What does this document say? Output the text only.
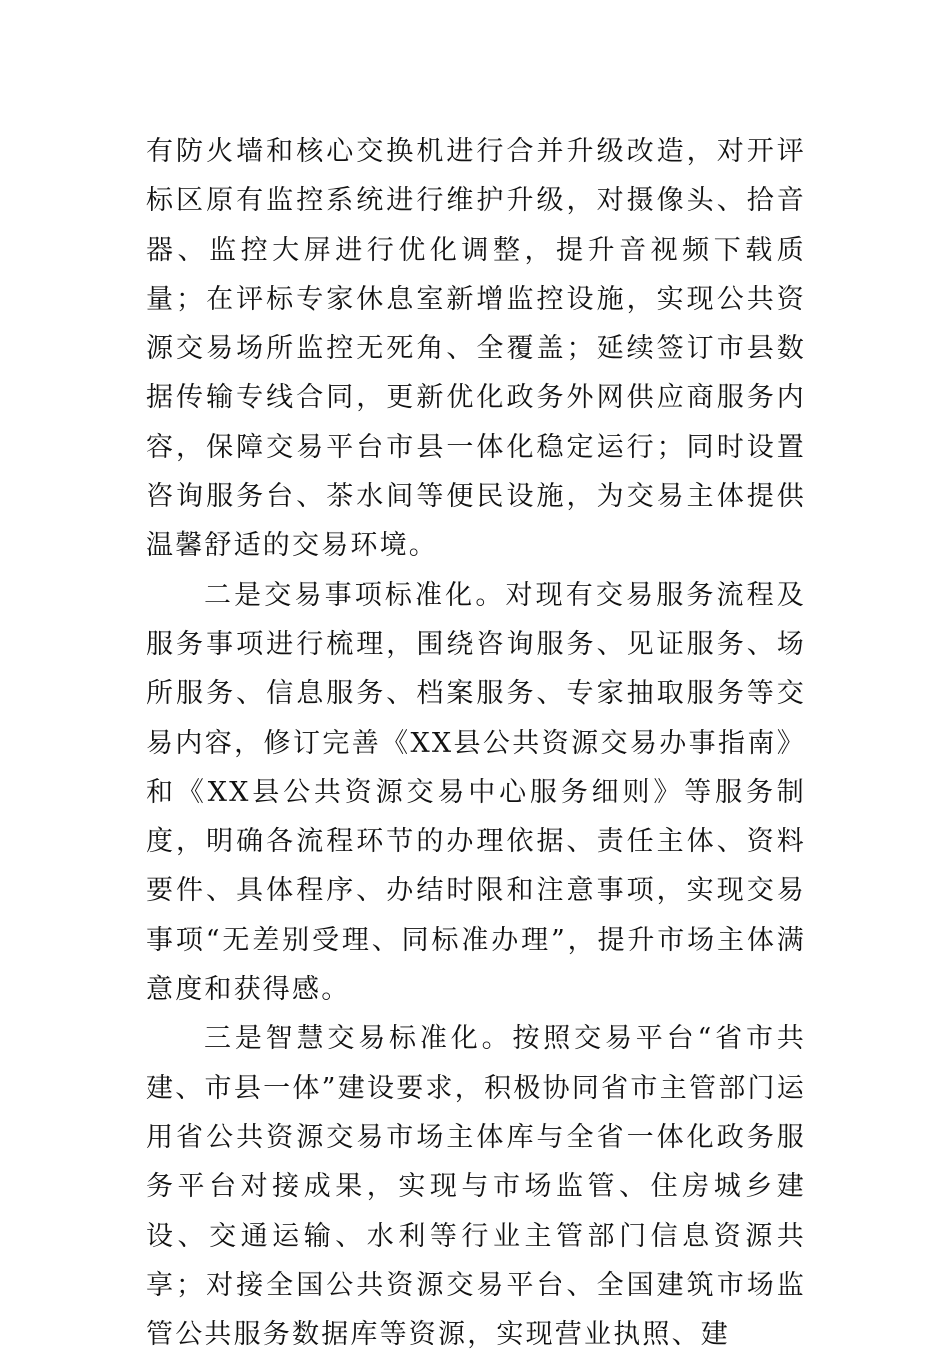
有防火墙和核心交换机进行合并升级改造，对开评标区原有监控系统进行维护升级，对摄像头、拾音器、监控大屏进行优化调整，提升音视频下载质量；在评标专家休息室新增监控设施，实现公共资源交易场所监控无死角、全覆盖；延续签订市县数据传输专线合同，更新优化政务外网供应商服务内容，保障交易平台市县一体化稳定运行；同时设置咨询服务台、茶水间等便民设施，为交易主体提供温馨舒适的交易环境。

二是交易事项标准化。对现有交易服务流程及服务事项进行梳理，围绕咨询服务、见证服务、场所服务、信息服务、档案服务、专家抽取服务等交易内容，修订完善《XX县公共资源交易办事指南》和《XX县公共资源交易中心服务细则》等服务制度，明确各流程环节的办理依据、责任主体、资料要件、具体程序、办结时限和注意事项，实现交易事项“无差别受理、同标准办理”，提升市场主体满意度和获得感。

三是智慧交易标准化。按照交易平台“省市共建、市县一体”建设要求，积极协同省市主管部门运用省公共资源交易市场主体库与全省一体化政务服务平台对接成果，实现与市场监管、住房城乡建设、交通运输、水利等行业主管部门信息资源共享；对接全国公共资源交易平台、全国建筑市场监管公共服务数据库等资源，实现营业执照、建
